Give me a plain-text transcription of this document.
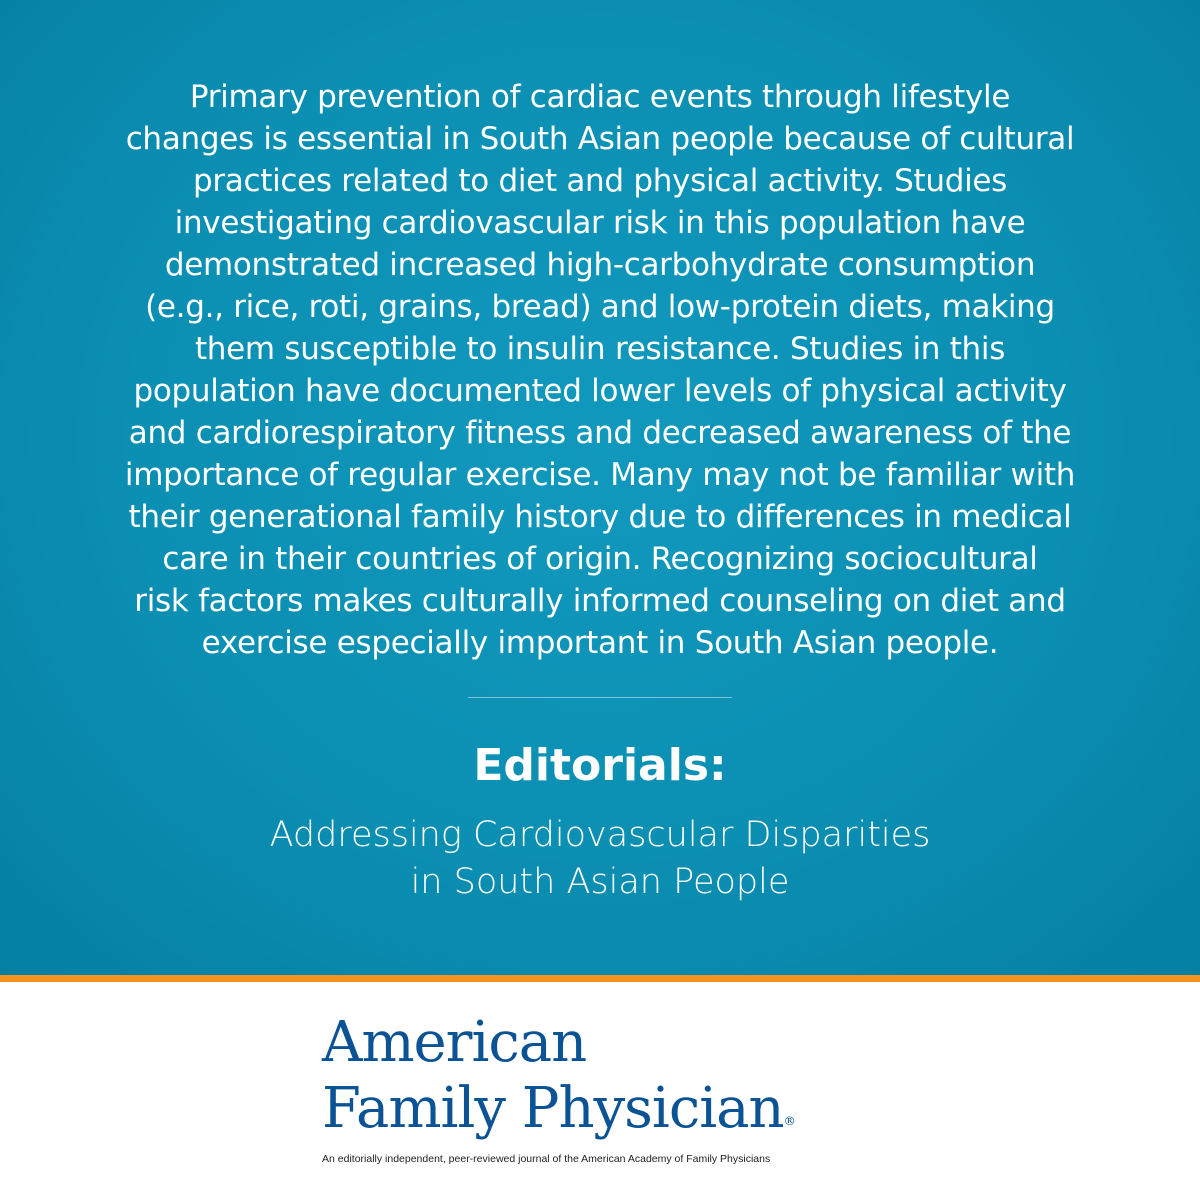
Primary prevention of cardiac events through lifestyle
changes is essential in South Asian people because of cultural
practices related to diet and physical activity. Studies
investigating cardiovascular risk in this population have
demonstrated increased high-carbohydrate consumption
(e.g., rice, roti, grains, bread) and low-protein diets, making
them susceptible to insulin resistance. Studies in this
population have documented lower levels of physical activity
and cardiorespiratory fitness and decreased awareness of the
importance of regular exercise. Many may not be familiar with
their generational family history due to differences in medical
care in their countries of origin. Recognizing sociocultural
risk factors makes culturally informed counseling on diet and
exercise especially important in South Asian people.
Editorials:
Addressing Cardiovascular Disparities
in South Asian People
American
Family Physician®
An editorially independent, peer-reviewed journal of the American Academy of Family Physicians
